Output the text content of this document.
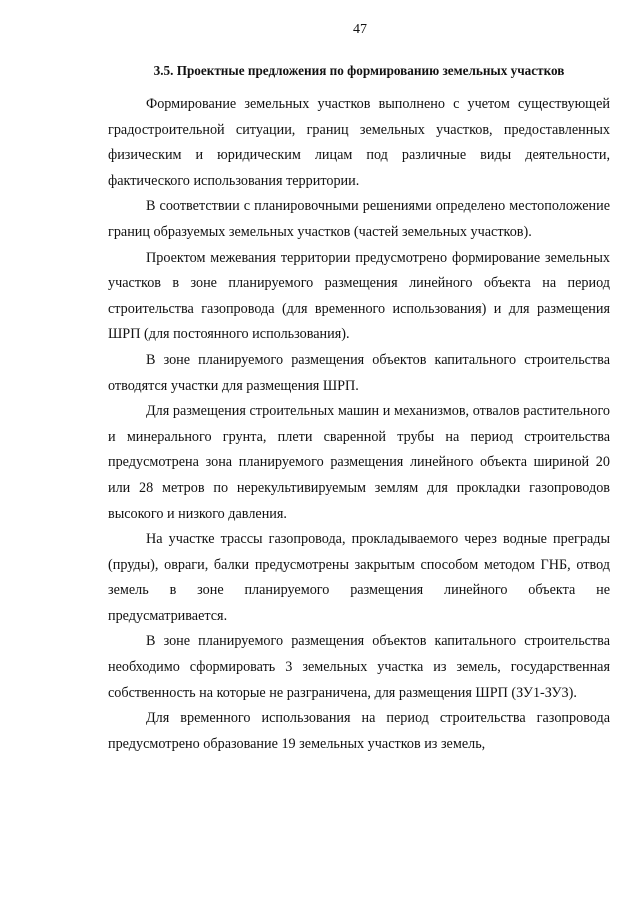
47
3.5. Проектные предложения по формированию земельных участков

Формирование земельных участков выполнено с учетом существующей градостроительной ситуации, границ земельных участков, предоставленных физическим и юридическим лицам под различные виды деятельности, фактического использования территории.

В соответствии с планировочными решениями определено местоположение границ образуемых земельных участков (частей земельных участков).

Проектом межевания территории предусмотрено формирование земельных участков в зоне планируемого размещения линейного объекта на период строительства газопровода (для временного использования) и для размещения ШРП (для постоянного использования).

В зоне планируемого размещения объектов капитального строительства отводятся участки для размещения ШРП.

Для размещения строительных машин и механизмов, отвалов растительного и минерального грунта, плети сваренной трубы на период строительства предусмотрена зона планируемого размещения линейного объекта шириной 20 или 28 метров по нерекультивируемым землям для прокладки газопроводов высокого и низкого давления.

На участке трассы газопровода, прокладываемого через водные преграды (пруды), овраги, балки предусмотрены закрытым способом методом ГНБ, отвод земель в зоне планируемого размещения линейного объекта не предусматривается.

В зоне планируемого размещения объектов капитального строительства необходимо сформировать 3 земельных участка из земель, государственная собственность на которые не разграничена, для размещения ШРП (ЗУ1-ЗУ3).

Для временного использования на период строительства газопровода предусмотрено образование 19 земельных участков из земель,
